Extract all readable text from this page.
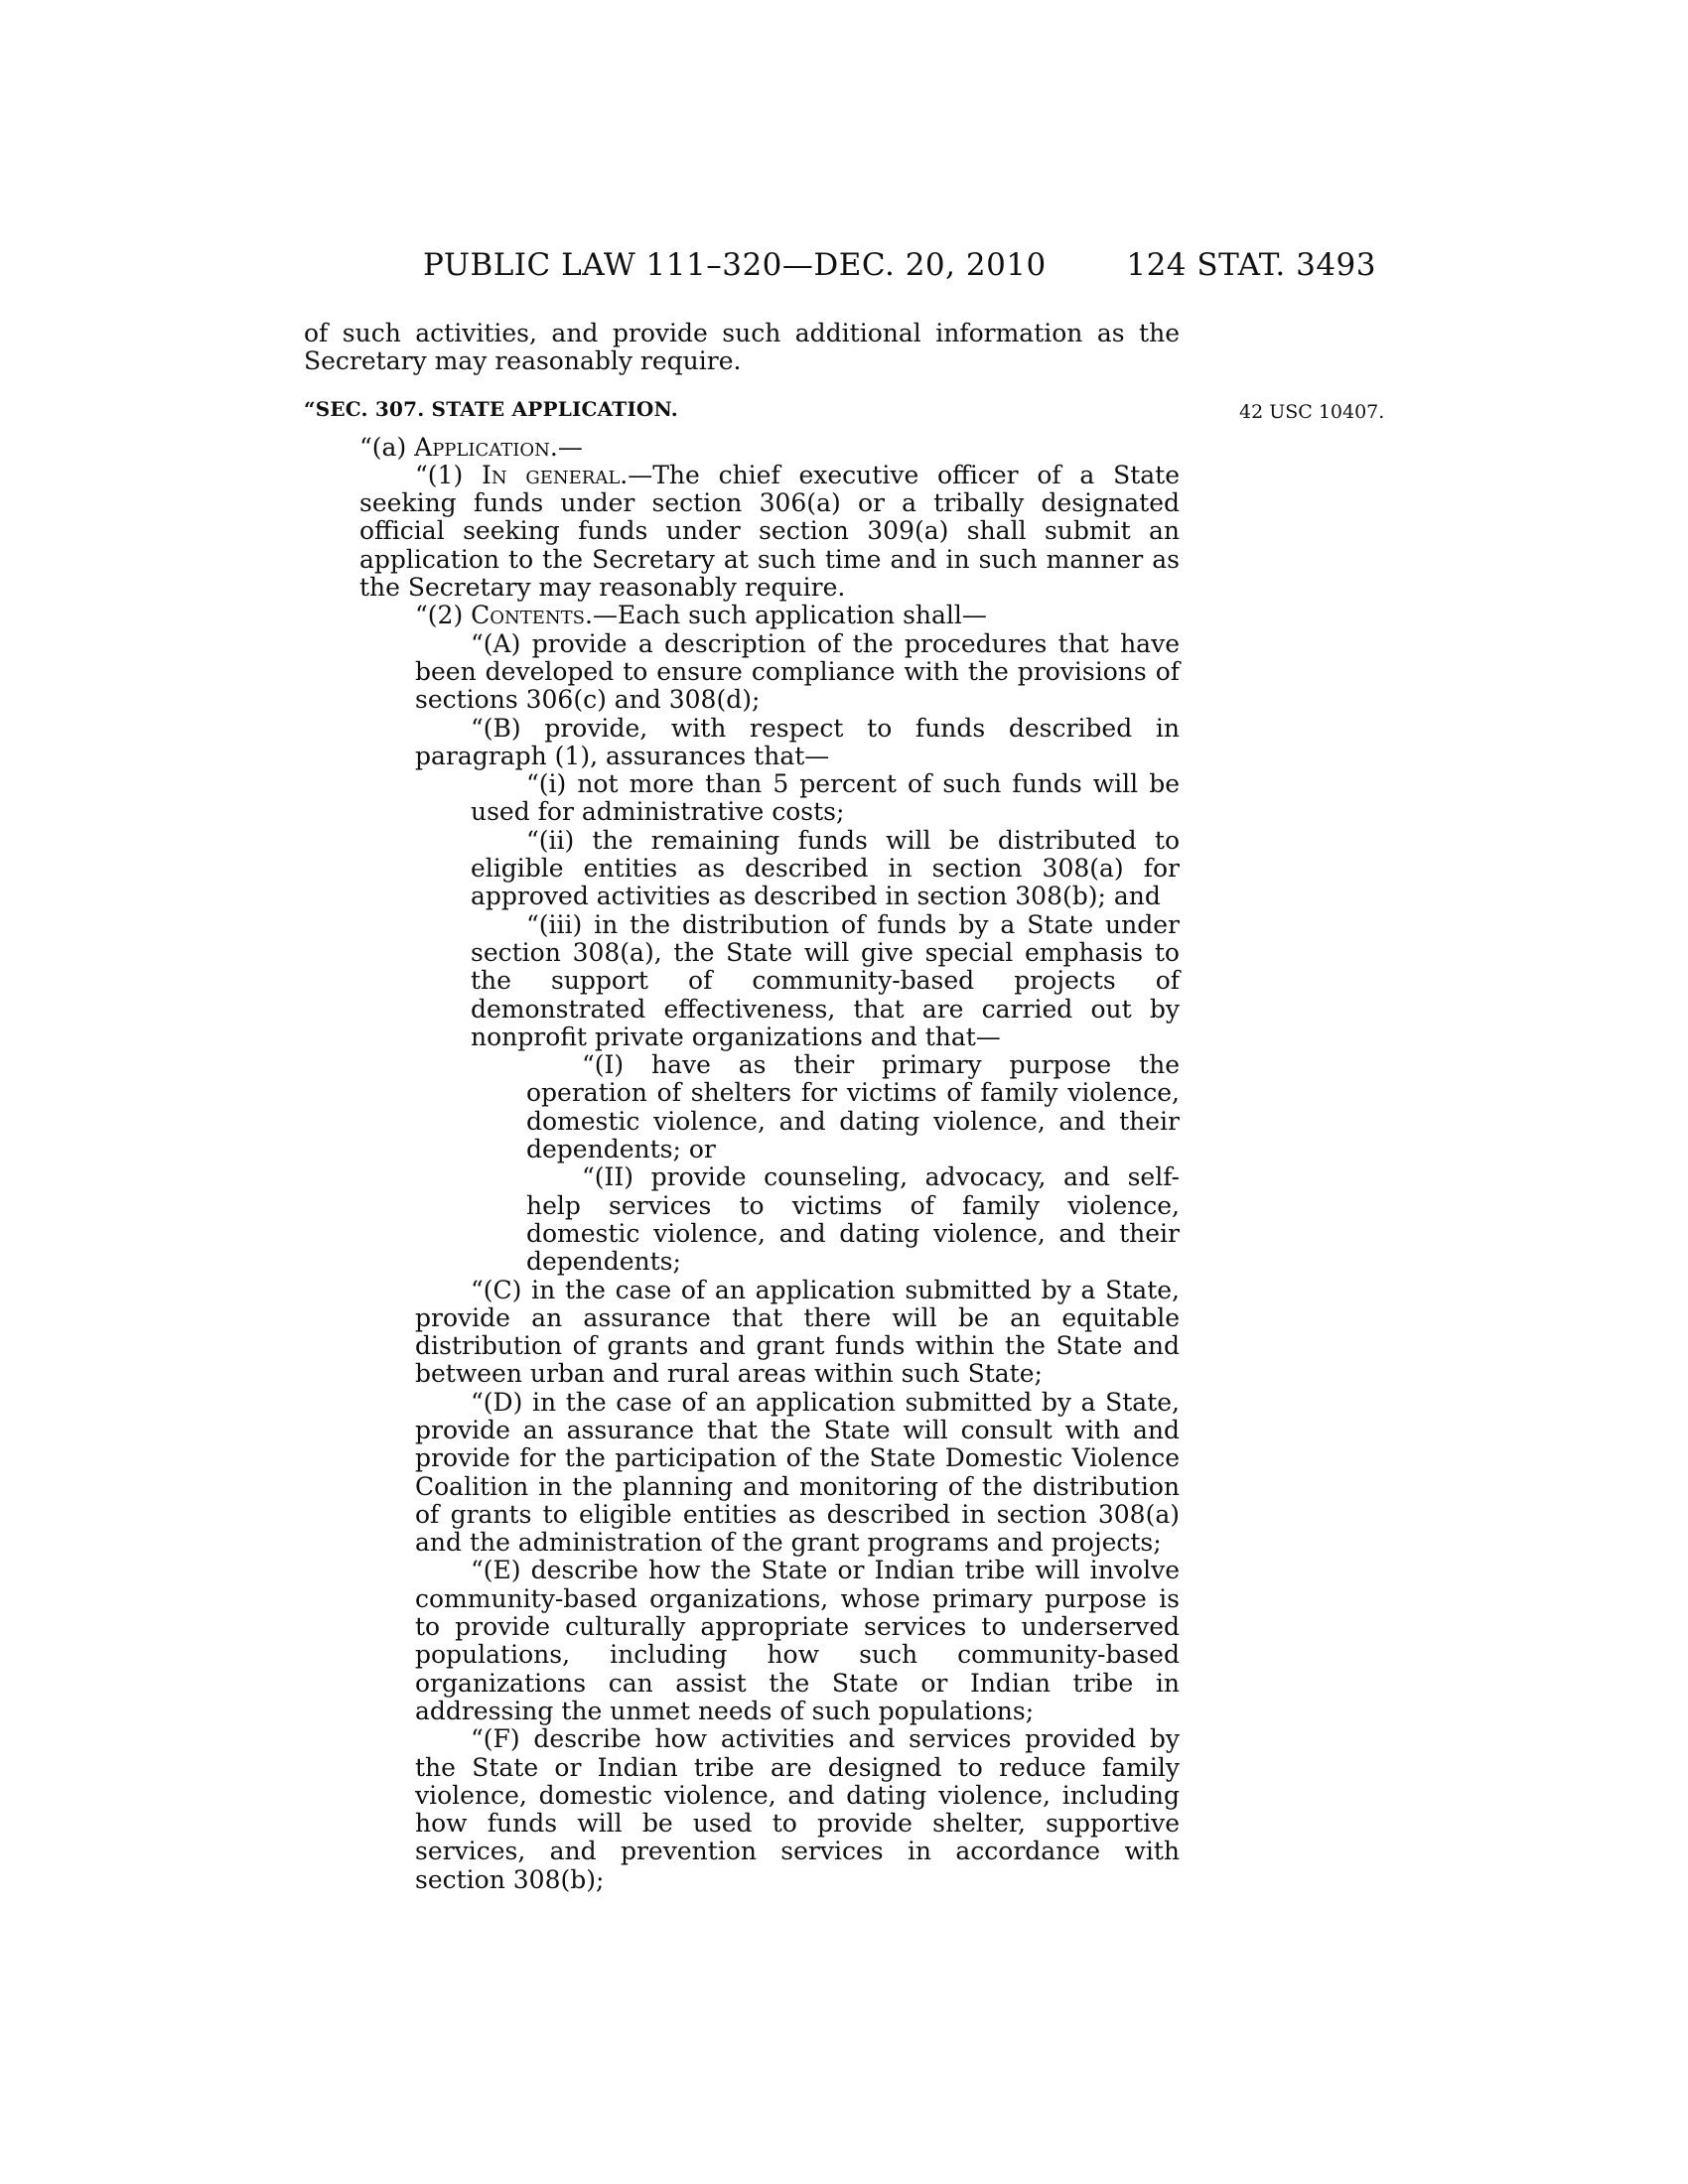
PUBLIC LAW 111–320—DEC. 20, 2010	124 STAT. 3493
42 USC 10407.

of such activities, and provide such additional information as the Secretary may reasonably require.

“SEC. 307. STATE APPLICATION.

“(a) Application.—

“(1) In general.—The chief executive officer of a State seeking funds under section 306(a) or a tribally designated official seeking funds under section 309(a) shall submit an application to the Secretary at such time and in such manner as the Secretary may reasonably require.

“(2) Contents.—Each such application shall—

“(A) provide a description of the procedures that have been developed to ensure compliance with the provisions of sections 306(c) and 308(d);

“(B) provide, with respect to funds described in paragraph (1), assurances that—

“(i) not more than 5 percent of such funds will be used for administrative costs;

“(ii) the remaining funds will be distributed to eligible entities as described in section 308(a) for approved activities as described in section 308(b); and

“(iii) in the distribution of funds by a State under section 308(a), the State will give special emphasis to the support of community-based projects of demonstrated effectiveness, that are carried out by nonprofit private organizations and that—

“(I) have as their primary purpose the operation of shelters for victims of family violence, domestic violence, and dating violence, and their dependents; or

“(II) provide counseling, advocacy, and self-help services to victims of family violence, domestic violence, and dating violence, and their dependents;

“(C) in the case of an application submitted by a State, provide an assurance that there will be an equitable distribution of grants and grant funds within the State and between urban and rural areas within such State;

“(D) in the case of an application submitted by a State, provide an assurance that the State will consult with and provide for the participation of the State Domestic Violence Coalition in the planning and monitoring of the distribution of grants to eligible entities as described in section 308(a) and the administration of the grant programs and projects;

“(E) describe how the State or Indian tribe will involve community-based organizations, whose primary purpose is to provide culturally appropriate services to underserved populations, including how such community-based organizations can assist the State or Indian tribe in addressing the unmet needs of such populations;

“(F) describe how activities and services provided by the State or Indian tribe are designed to reduce family violence, domestic violence, and dating violence, including how funds will be used to provide shelter, supportive services, and prevention services in accordance with section 308(b);
